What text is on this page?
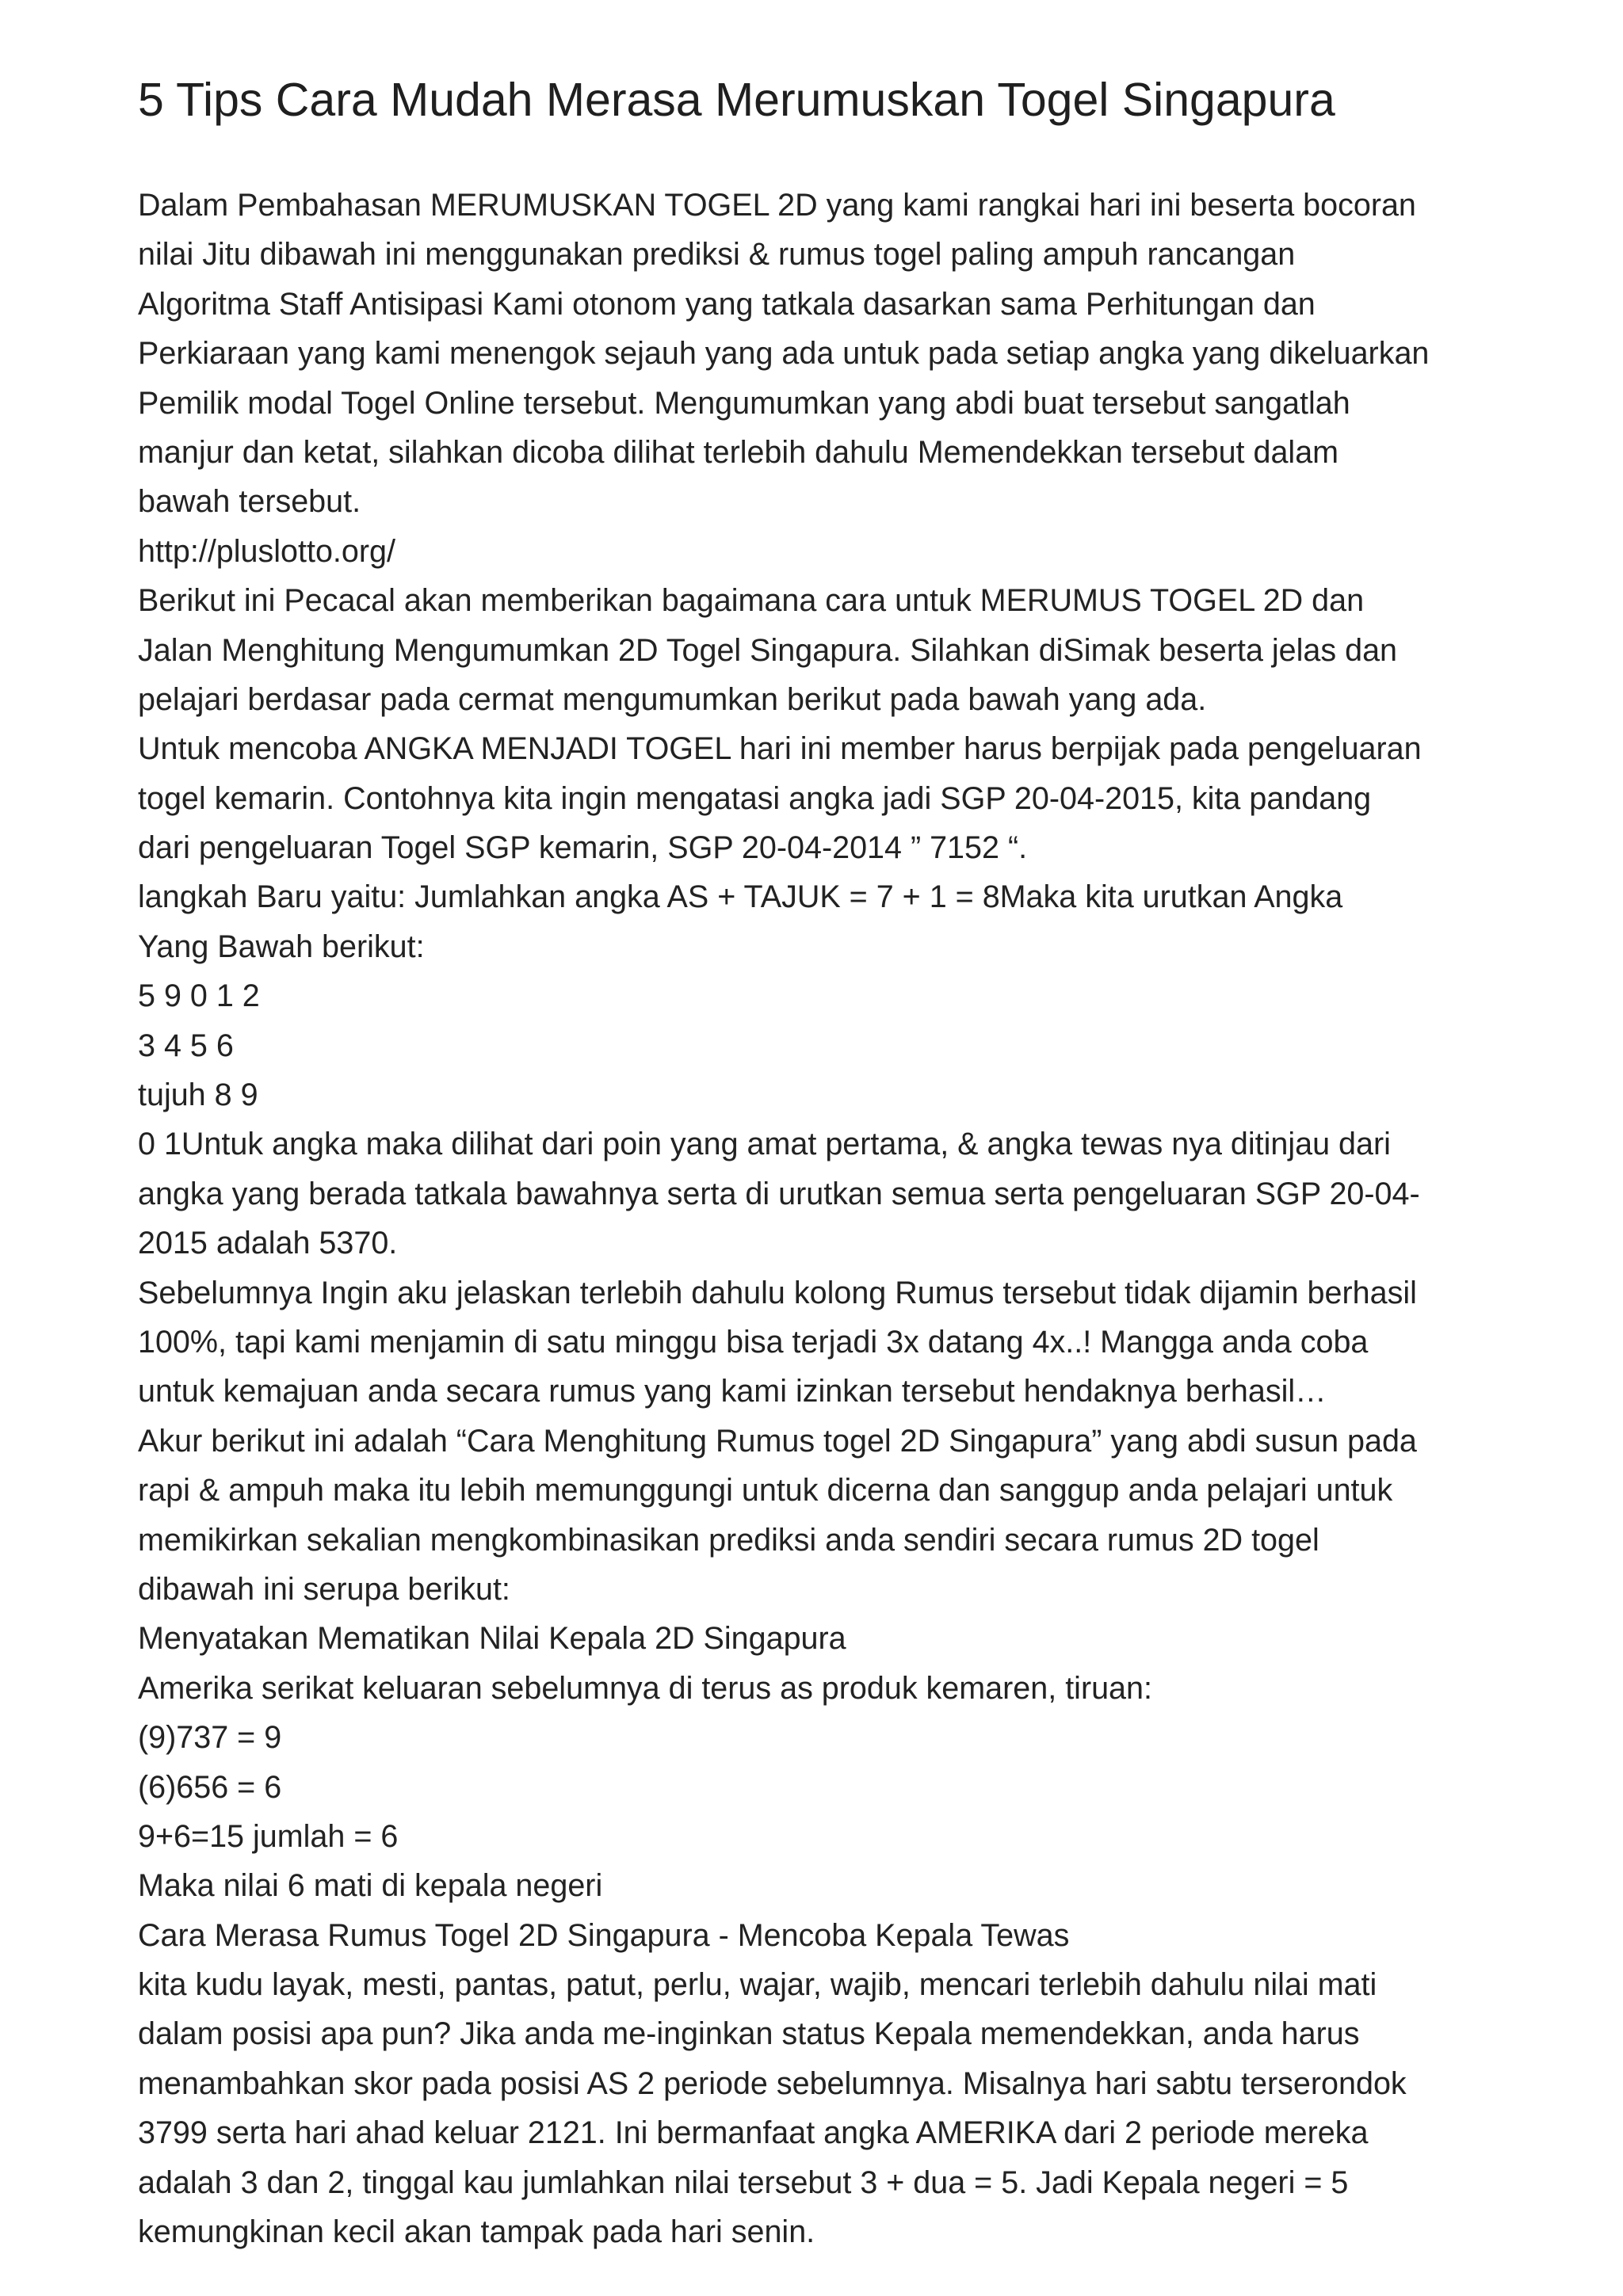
5 Tips Cara Mudah Merasa Merumuskan Togel Singapura
Dalam Pembahasan MERUMUSKAN TOGEL 2D yang kami rangkai hari ini beserta bocoran
nilai Jitu dibawah ini menggunakan prediksi & rumus togel paling ampuh rancangan
Algoritma Staff Antisipasi Kami otonom yang tatkala dasarkan sama Perhitungan dan
Perkiaraan yang kami menengok sejauh yang ada untuk pada setiap angka yang dikeluarkan
Pemilik modal Togel Online tersebut. Mengumumkan yang abdi buat tersebut sangatlah
manjur dan ketat, silahkan dicoba dilihat terlebih dahulu Memendekkan tersebut dalam
bawah tersebut.
http://pluslotto.org/
Berikut ini Pecacal akan memberikan bagaimana cara untuk MERUMUS TOGEL 2D dan
Jalan Menghitung Mengumumkan 2D Togel Singapura. Silahkan diSimak beserta jelas dan
pelajari berdasar pada cermat mengumumkan berikut pada bawah yang ada.
Untuk mencoba ANGKA MENJADI TOGEL hari ini member harus berpijak pada pengeluaran
togel kemarin. Contohnya kita ingin mengatasi angka jadi SGP 20-04-2015, kita pandang
dari pengeluaran Togel SGP kemarin, SGP 20-04-2014 ” 7152 “.
langkah Baru yaitu: Jumlahkan angka AS + TAJUK = 7 + 1 = 8Maka kita urutkan Angka
Yang Bawah berikut:
5 9 0 1 2
3 4 5 6
tujuh 8 9
0 1Untuk angka maka dilihat dari poin yang amat pertama, & angka tewas nya ditinjau dari
angka yang berada tatkala bawahnya serta di urutkan semua serta pengeluaran SGP 20-04-
2015 adalah 5370.
Sebelumnya Ingin aku jelaskan terlebih dahulu kolong Rumus tersebut tidak dijamin berhasil
100%, tapi kami menjamin di satu minggu bisa terjadi 3x datang 4x..! Mangga anda coba
untuk kemajuan anda secara rumus yang kami izinkan tersebut hendaknya berhasil…
Akur berikut ini adalah “Cara Menghitung Rumus togel 2D Singapura” yang abdi susun pada
rapi & ampuh maka itu lebih memunggungi untuk dicerna dan sanggup anda pelajari untuk
memikirkan sekalian mengkombinasikan prediksi anda sendiri secara rumus 2D togel
dibawah ini serupa berikut:
Menyatakan Mematikan Nilai Kepala 2D Singapura
Amerika serikat keluaran sebelumnya di terus as produk kemaren, tiruan:
(9)737 = 9
(6)656 = 6
9+6=15 jumlah = 6
Maka nilai 6 mati di kepala negeri
Cara Merasa Rumus Togel 2D Singapura - Mencoba Kepala Tewas
kita kudu layak, mesti, pantas, patut, perlu, wajar, wajib, mencari terlebih dahulu nilai mati
dalam posisi apa pun? Jika anda me-inginkan status Kepala memendekkan, anda harus
menambahkan skor pada posisi AS 2 periode sebelumnya. Misalnya hari sabtu terserondok
3799 serta hari ahad keluar 2121. Ini bermanfaat angka AMERIKA dari 2 periode mereka
adalah 3 dan 2, tinggal kau jumlahkan nilai tersebut 3 + dua = 5. Jadi Kepala negeri = 5
kemungkinan kecil akan tampak pada hari senin.
